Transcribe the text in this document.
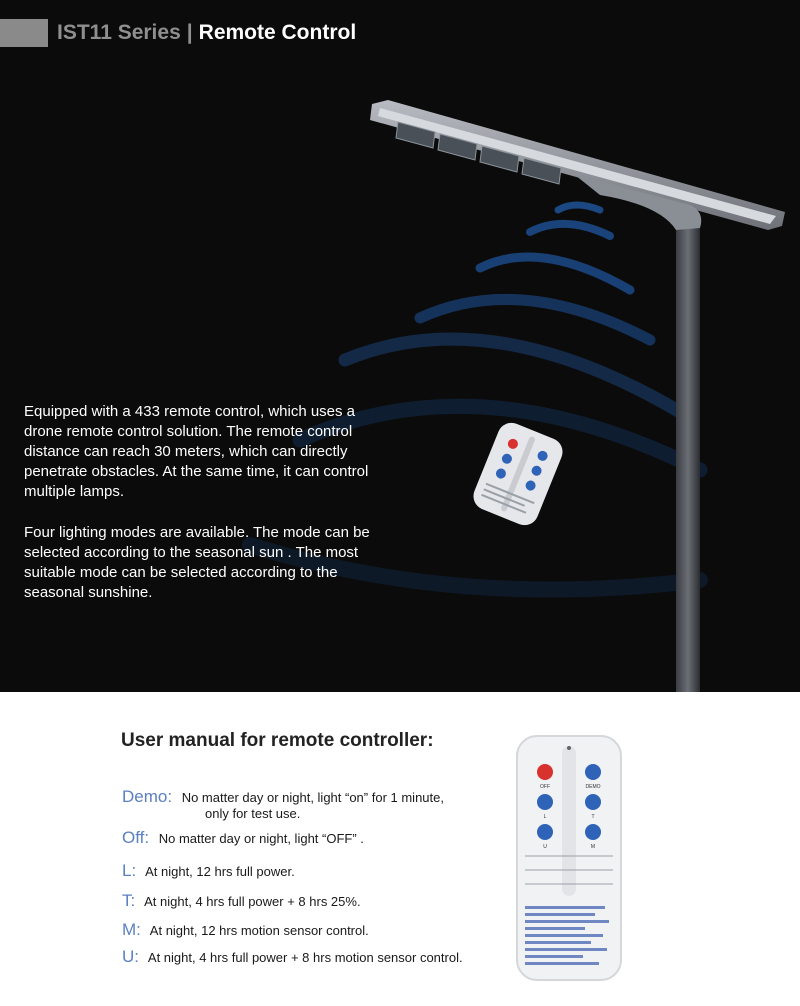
IST11 Series | Remote Control

Equipped with a 433 remote control, which uses a drone remote control solution. The remote control distance can reach 30 meters, which can directly penetrate obstacles. At the same time, it can control multiple lamps.

Four lighting modes are available. The mode can be selected according to the seasonal sun . The most suitable mode can be selected according to the seasonal sunshine.

User manual for remote controller:
Demo: No matter day or night, light “on” for 1 minute,
only for test use.
Off: No matter day or night, light “OFF” .
L: At night, 12 hrs full power.
T: At night, 4 hrs full power + 8 hrs 25%.
M: At night, 12 hrs motion sensor control.
U: At night, 4 hrs full power + 8 hrs motion sensor control.
OFF	DEMO
L	T
U	M
